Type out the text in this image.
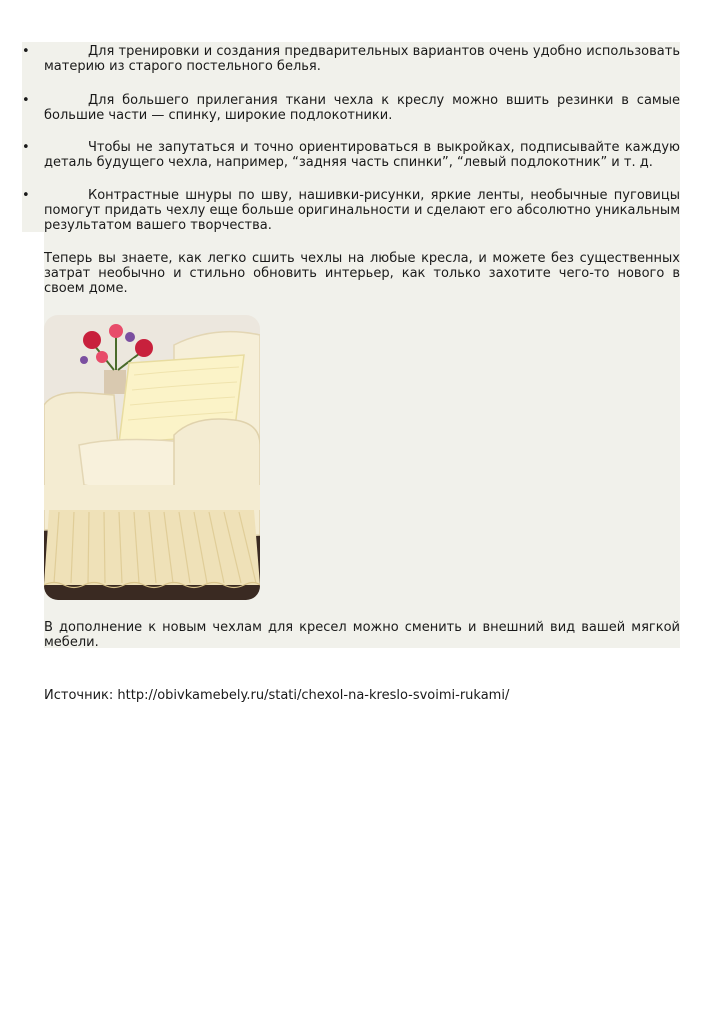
•	Для тренировки и создания предварительных вариантов очень удобно использовать материю из старого постельного белья.

•	Для большего прилегания ткани чехла к креслу можно вшить резинки в самые большие части — спинку, широкие подлокотники.

•	Чтобы не запутаться и точно ориентироваться в выкройках, подписывайте каждую деталь будущего чехла, например, “задняя часть спинки”, “левый подлокотник” и т. д.

•	Контрастные шнуры по шву, нашивки-рисунки, яркие ленты, необычные пуговицы помогут придать чехлу еще больше оригинальности и сделают его абсолютно уникальным результатом вашего творчества.

Теперь вы знаете, как легко сшить чехлы на любые кресла, и можете без существенных затрат необычно и стильно обновить интерьер, как только захотите чего-то нового в своем доме.

В дополнение к новым чехлам для кресел можно сменить и внешний вид вашей мягкой мебели.

Источник: http://obivkamebely.ru/stati/chexol-na-kreslo-svoimi-rukami/
